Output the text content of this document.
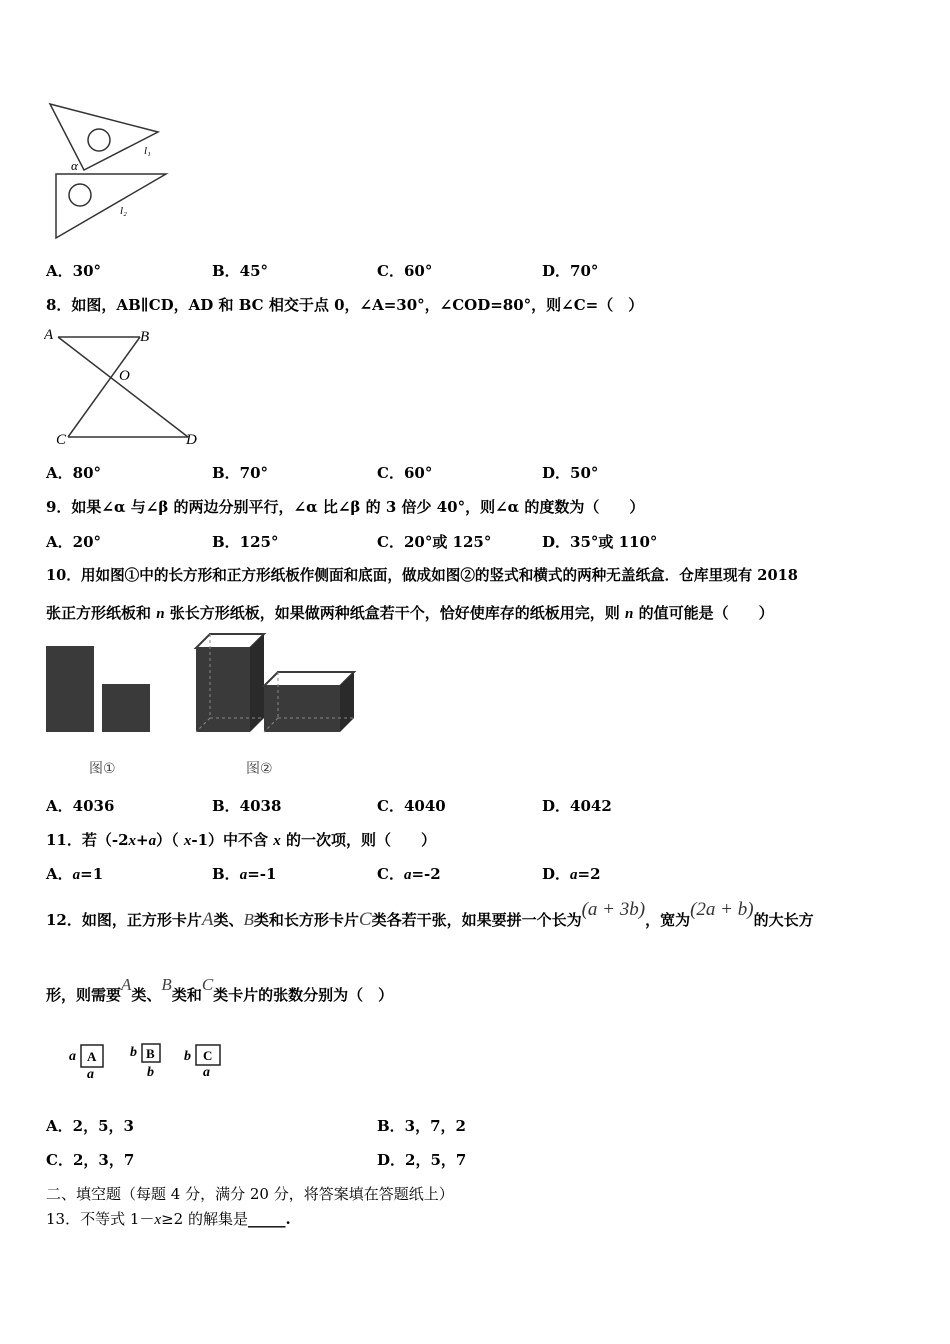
α
l₁
l₂
A．30°	B．45°	C．60°	D．70°
8．如图，AB∥CD，AD 和 BC 相交于点 0，∠A=30°，∠COD=80°，则∠C=（　）
A	B
O
C	D
A．80°	B．70°	C．60°	D．50°
9．如果∠α 与∠β 的两边分别平行，∠α 比∠β 的 3 倍少 40°，则∠α 的度数为（　　）
A．20°	B．125°	C．20°或 125°	D．35°或 110°
10．用如图①中的长方形和正方形纸板作侧面和底面，做成如图②的竖式和横式的两种无盖纸盒．仓库里现有 2018
张正方形纸板和 n 张长方形纸板，如果做两种纸盒若干个，恰好使库存的纸板用完，则 n 的值可能是（　　）
图①	图②
A．4036	B．4038	C．4040	D．4042
11．若（-2x+a）（ x-1）中不含 x 的一次项，则（　　）
A．a=1	B．a=-1	C．a=-2	D．a=2
12．如图，正方形卡片A类、B类和长方形卡片C类各若干张，如果要拼一个长为(a + 3b)，宽为(2a + b)的大长方
形，则需要A类、B类和C类卡片的张数分别为（　）
a A
a
b B
b
b C
a
A．2，5，3	B．3，7，2
C．2，3，7	D．2，5，7
二、填空题（每题 4 分，满分 20 分，将答案填在答题纸上）
13．不等式 1－x≥2 的解集是_____.
